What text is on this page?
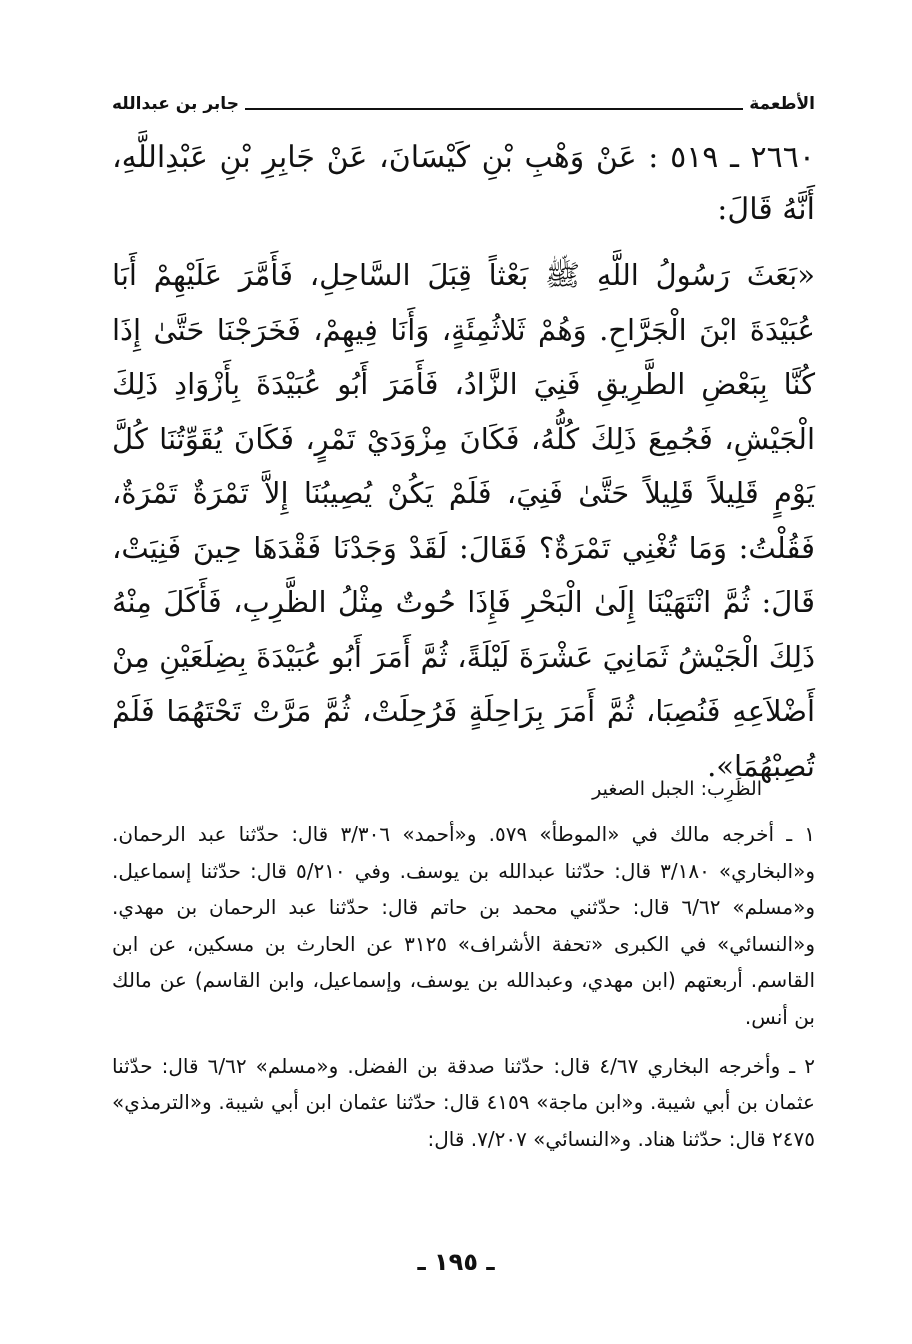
الأطعمة
جابر بن عبدالله
٢٦٦٠ ـ ٥١٩ : عَنْ وَهْبِ بْنِ كَيْسَانَ، عَنْ جَابِرِ بْنِ عَبْدِاللَّهِ، أَنَّهُ قَالَ:
«بَعَثَ رَسُولُ اللَّهِ ﷺ بَعْثاً قِبَلَ السَّاحِلِ، فَأَمَّرَ عَلَيْهِمْ أَبَا عُبَيْدَةَ ابْنَ الْجَرَّاحِ. وَهُمْ ثَلاثُمِئَةٍ، وَأَنَا فِيهِمْ، فَخَرَجْنَا حَتَّىٰ إِذَا كُنَّا بِبَعْضِ الطَّرِيقِ فَنِيَ الزَّادُ، فَأَمَرَ أَبُو عُبَيْدَةَ بِأَزْوَادِ ذَلِكَ الْجَيْشِ، فَجُمِعَ ذَلِكَ كُلُّهُ، فَكَانَ مِزْوَدَيْ تَمْرٍ، فَكَانَ يُقَوِّتُنَا كُلَّ يَوْمٍ قَلِيلاً قَلِيلاً حَتَّىٰ فَنِيَ، فَلَمْ يَكُنْ يُصِيبُنَا إِلاَّ تَمْرَةٌ تَمْرَةٌ، فَقُلْتُ: وَمَا تُغْنِي تَمْرَةٌ؟ فَقَالَ: لَقَدْ وَجَدْنَا فَقْدَهَا حِينَ فَنِيَتْ، قَالَ: ثُمَّ انْتَهَيْنَا إِلَىٰ الْبَحْرِ فَإِذَا حُوتٌ مِثْلُ الظَّرِبِ، فَأَكَلَ مِنْهُ ذَلِكَ الْجَيْشُ ثَمَانِيَ عَشْرَةَ لَيْلَةً، ثُمَّ أَمَرَ أَبُو عُبَيْدَةَ بِضِلَعَيْنِ مِنْ أَضْلاَعِهِ فَنُصِبَا، ثُمَّ أَمَرَ بِرَاحِلَةٍ فَرُحِلَتْ، ثُمَّ مَرَّتْ تَحْتَهُمَا فَلَمْ تُصِبْهُمَا».
الظَرِب: الجبل الصغير

١ ـ أخرجه مالك في «الموطأ» ٥٧٩. و«أحمد» ٣/٣٠٦ قال: حدّثنا عبد الرحمان. و«البخاري» ٣/١٨٠ قال: حدّثنا عبدالله بن يوسف. وفي ٥/٢١٠ قال: حدّثنا إسماعيل. و«مسلم» ٦/٦٢ قال: حدّثني محمد بن حاتم قال: حدّثنا عبد الرحمان بن مهدي. و«النسائي» في الكبرى «تحفة الأشراف» ٣١٢٥ عن الحارث بن مسكين، عن ابن القاسم. أربعتهم (ابن مهدي، وعبدالله بن يوسف، وإسماعيل، وابن القاسم) عن مالك بن أنس.

٢ ـ وأخرجه البخاري ٤/٦٧ قال: حدّثنا صدقة بن الفضل. و«مسلم» ٦/٦٢ قال: حدّثنا عثمان بن أبي شيبة. و«ابن ماجة» ٤١٥٩ قال: حدّثنا عثمان ابن أبي شيبة. و«الترمذي» ٢٤٧٥ قال: حدّثنا هناد. و«النسائي» ٧/٢٠٧. قال:

ـ ١٩٥ ـ
